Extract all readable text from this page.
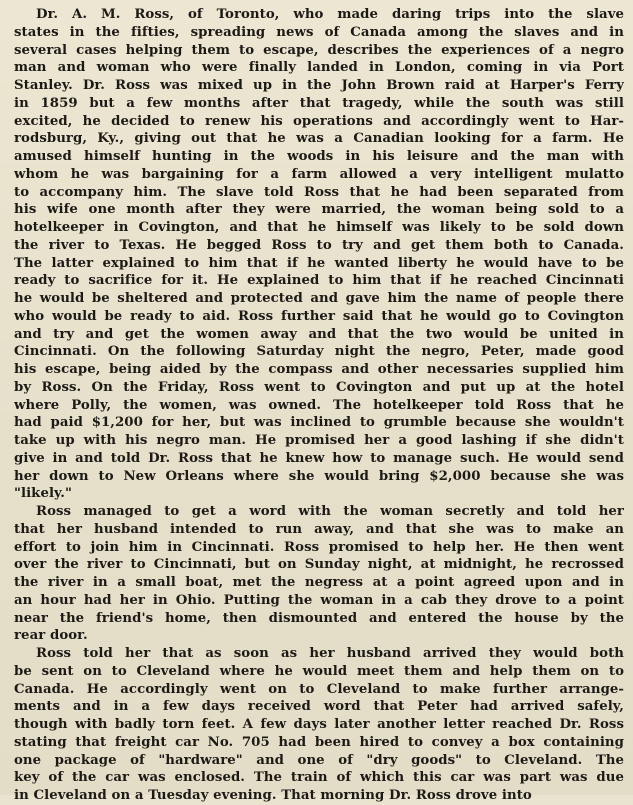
Dr. A. M. Ross, of Toronto, who made daring trips into the slave
states in the fifties, spreading news of Canada among the slaves and in
several cases helping them to escape, describes the experiences of a negro
man and woman who were finally landed in London, coming in via Port
Stanley. Dr. Ross was mixed up in the John Brown raid at Harper's Ferry
in 1859 but a few months after that tragedy, while the south was still
excited, he decided to renew his operations and accordingly went to Har-
rodsburg, Ky., giving out that he was a Canadian looking for a farm. He
amused himself hunting in the woods in his leisure and the man with
whom he was bargaining for a farm allowed a very intelligent mulatto
to accompany him. The slave told Ross that he had been separated from
his wife one month after they were married, the woman being sold to a
hotelkeeper in Covington, and that he himself was likely to be sold down
the river to Texas. He begged Ross to try and get them both to Canada.
The latter explained to him that if he wanted liberty he would have to be
ready to sacrifice for it. He explained to him that if he reached Cincinnati
he would be sheltered and protected and gave him the name of people there
who would be ready to aid. Ross further said that he would go to Covington
and try and get the women away and that the two would be united in
Cincinnati. On the following Saturday night the negro, Peter, made good
his escape, being aided by the compass and other necessaries supplied him
by Ross. On the Friday, Ross went to Covington and put up at the hotel
where Polly, the women, was owned. The hotelkeeper told Ross that he
had paid $1,200 for her, but was inclined to grumble because she wouldn't
take up with his negro man. He promised her a good lashing if she didn't
give in and told Dr. Ross that he knew how to manage such. He would send
her down to New Orleans where she would bring $2,000 because she was
"likely."
Ross managed to get a word with the woman secretly and told her
that her husband intended to run away, and that she was to make an
effort to join him in Cincinnati. Ross promised to help her. He then went
over the river to Cincinnati, but on Sunday night, at midnight, he recrossed
the river in a small boat, met the negress at a point agreed upon and in
an hour had her in Ohio. Putting the woman in a cab they drove to a point
near the friend's home, then dismounted and entered the house by the
rear door.
Ross told her that as soon as her husband arrived they would both
be sent on to Cleveland where he would meet them and help them on to
Canada. He accordingly went on to Cleveland to make further arrange-
ments and in a few days received word that Peter had arrived safely,
though with badly torn feet. A few days later another letter reached Dr. Ross
stating that freight car No. 705 had been hired to convey a box containing
one package of "hardware" and one of "dry goods" to Cleveland. The
key of the car was enclosed. The train of which this car was part was due
in Cleveland on a Tuesday evening. That morning Dr. Ross drove into
